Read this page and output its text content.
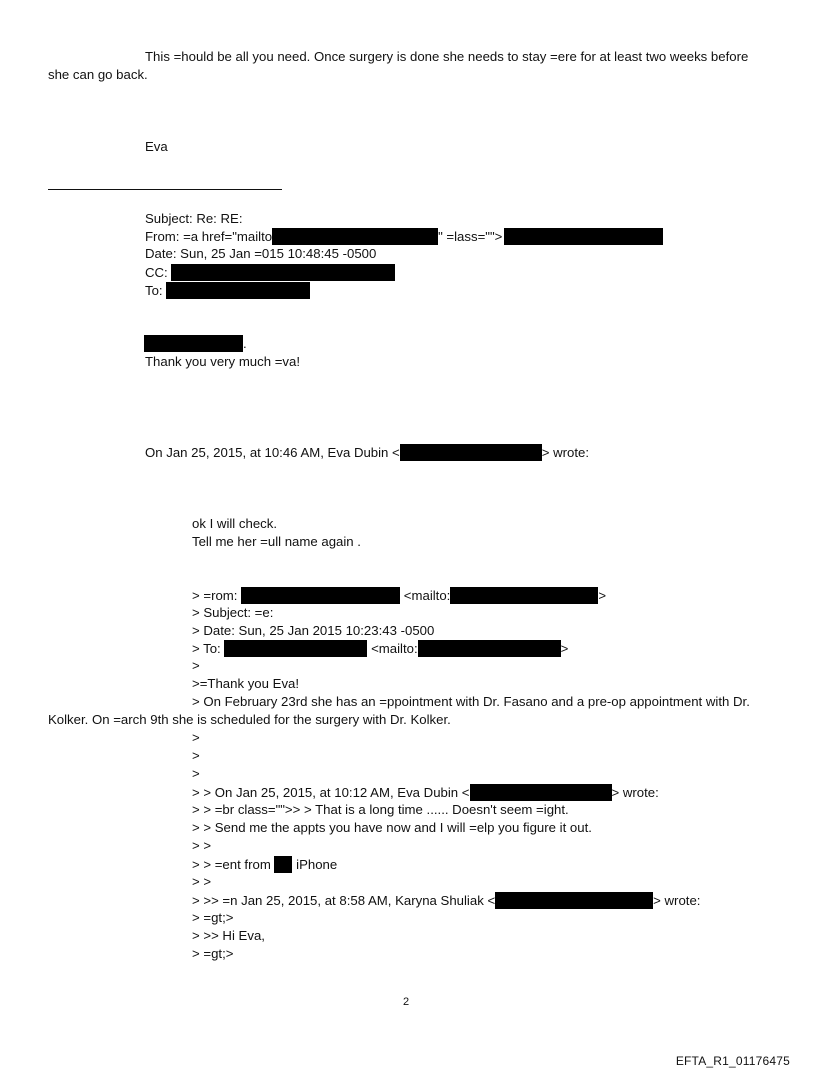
This =hould be all you need. Once surgery is done she needs to stay =ere for at least two weeks before
she can go back.
Eva
Subject: Re: RE:
From: =a href="mailto	" =lass="">
Date: Sun, 25 Jan =015 10:48:45 -0500
CC:
To:
.
Thank you very much =va!
On Jan 25, 2015, at 10:46 AM, Eva Dubin <	> wrote:
ok I will check.
Tell me her =ull name again .
> =rom:	<mailto:	>
> Subject: =e:
> Date: Sun, 25 Jan 2015 10:23:43 -0500
> To:	<mailto:	>
>
>=Thank you Eva!
> On February 23rd she has an =ppointment with Dr. Fasano and a pre-op appointment with Dr.
Kolker. On =arch 9th she is scheduled for the surgery with Dr. Kolker.
>
>
>
> > On Jan 25, 2015, at 10:12 AM, Eva Dubin <	> wrote:
> > =br class="">> > That is a long time ...... Doesn't seem =ight.
> > Send me the appts you have now and I will =elp you figure it out.
> >
> > =ent from iPhone
> >
> >> =n Jan 25, 2015, at 8:58 AM, Karyna Shuliak <	> wrote:
> =gt;>
> >> Hi Eva,
> =gt;>
2
EFTA_R1_01176475
